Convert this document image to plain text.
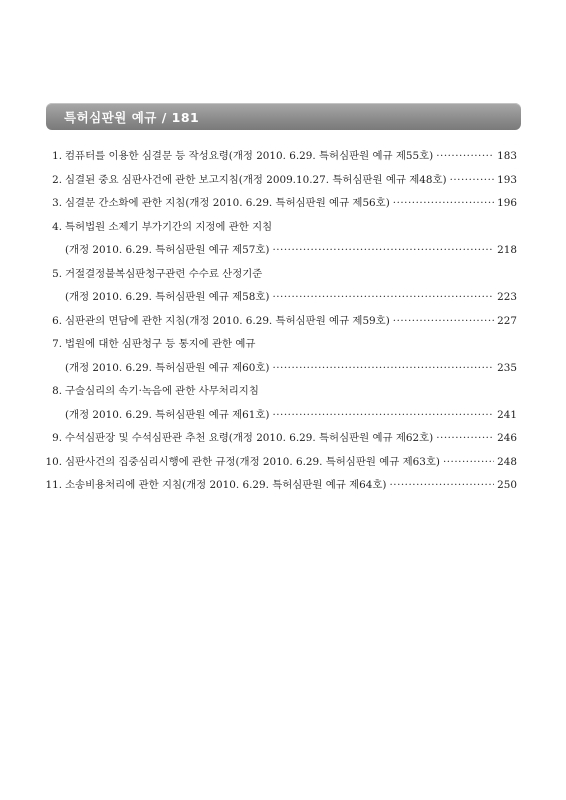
특허심판원 예규 / 181
1. 컴퓨터를 이용한 심결문 등 작성요령(개정 2010. 6.29. 특허심판원 예규 제55호) ·····	183
2. 심결된 중요 심판사건에 관한 보고지침(개정 2009.10.27. 특허심판원 예규 제48호) ·····	193
3. 심결문 간소화에 관한 지침(개정 2010. 6.29. 특허심판원 예규 제56호) ·····	196
4. 특허법원 소제기 부가기간의 지정에 관한 지침
(개정 2010. 6.29. 특허심판원 예규 제57호) ·····	218
5. 거절결정불복심판청구관련 수수료 산정기준
(개정 2010. 6.29. 특허심판원 예규 제58호) ·····	223
6. 심판관의 면담에 관한 지침(개정 2010. 6.29. 특허심판원 예규 제59호) ·····	227
7. 법원에 대한 심판청구 등 통지에 관한 예규
(개정 2010. 6.29. 특허심판원 예규 제60호) ·····	235
8. 구술심리의 속기·녹음에 관한 사무처리지침
(개정 2010. 6.29. 특허심판원 예규 제61호) ·····	241
9. 수석심판장 및 수석심판관 추천 요령(개정 2010. 6.29. 특허심판원 예규 제62호) ·····	246
10. 심판사건의 집중심리시행에 관한 규정(개정 2010. 6.29. 특허심판원 예규 제63호) ·····	248
11. 소송비용처리에 관한 지침(개정 2010. 6.29. 특허심판원 예규 제64호) ·····	250
